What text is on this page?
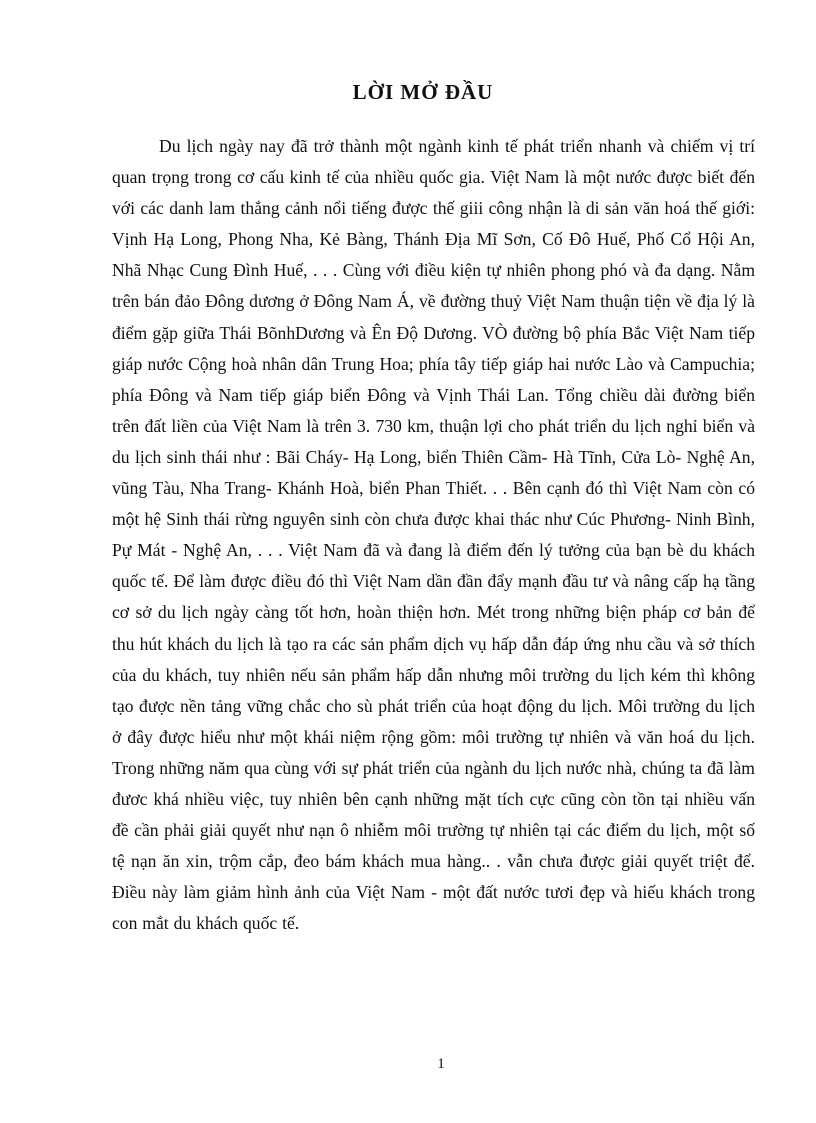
LỜI MỞ ĐẦU

Du lịch ngày nay đã trở thành một ngành kinh tế phát triển nhanh và chiếm vị trí quan trọng trong cơ cấu kinh tế của nhiều quốc gia. Việt Nam là một nước được biết đến với các danh lam thắng cảnh nổi tiếng được thế giii công nhận là di sản văn hoá thế giới: Vịnh Hạ Long, Phong Nha, Kẻ Bàng, Thánh Địa Mĩ Sơn, Cố Đô Huế, Phố Cổ Hội An, Nhã Nhạc Cung Đình Huế, . . . Cùng với điều kiện tự nhiên phong phó và đa dạng. Nằm trên bán đảo Đông dương ở Đông Nam Á, về đường thuỷ Việt Nam thuận tiện về địa lý là điểm gặp giữa Thái BõnhDương và Ên Độ Dương. VÒ đường bộ phía Bắc Việt Nam tiếp giáp nước Cộng hoà nhân dân Trung Hoa; phía tây tiếp giáp hai nước Lào và Campuchia; phía Đông và Nam tiếp giáp biển Đông và Vịnh Thái Lan. Tổng chiều dài đường biển trên đất liền của Việt Nam là trên 3. 730 km, thuận lợi cho phát triển du lịch nghỉ biển và du lịch sinh thái như : Bãi Cháy- Hạ Long, biển Thiên Cầm- Hà Tĩnh, Cửa Lò- Nghệ An, vũng Tàu, Nha Trang- Khánh Hoà, biển Phan Thiết. . . Bên cạnh đó thì Việt Nam còn có một hệ Sinh thái rừng nguyên sinh còn chưa được khai thác như Cúc Phương- Ninh Bình, Pự Mát - Nghệ An, . . . Việt Nam đã và đang là điểm đến lý tưởng của bạn bè du khách quốc tế. Để làm được điều đó thì Việt Nam dần đần đẩy mạnh đầu tư và nâng cấp hạ tầng cơ sở du lịch ngày càng tốt hơn, hoàn thiện hơn. Mét trong những biện pháp cơ bản để thu hút khách du lịch là tạo ra các sản phẩm dịch vụ hấp dẫn đáp ứng nhu cầu và sở thích của du khách, tuy nhiên nếu sản phẩm hấp dẫn nhưng môi trường du lịch kém thì không tạo được nền tảng vững chắc cho sù phát triển của hoạt động du lịch. Môi trường du lịch ở đây được hiểu như một khái niệm rộng gồm: môi trường tự nhiên và văn hoá du lịch. Trong những năm qua cùng với sự phát triển của ngành du lịch nước nhà, chúng ta đã làm đươc khá nhiều việc, tuy nhiên bên cạnh những mặt tích cực cũng còn tồn tại nhiều vấn đề cần phải giải quyết như nạn ô nhiễm môi trường tự nhiên tại các điểm du lịch, một số tệ nạn ăn xin, trộm cắp, đeo bám khách mua hàng.. . vẫn chưa được giải quyết triệt để. Điều này làm giảm hình ảnh của Việt Nam - một đất nước tươi đẹp và hiếu khách trong con mắt du khách quốc tế.

1
